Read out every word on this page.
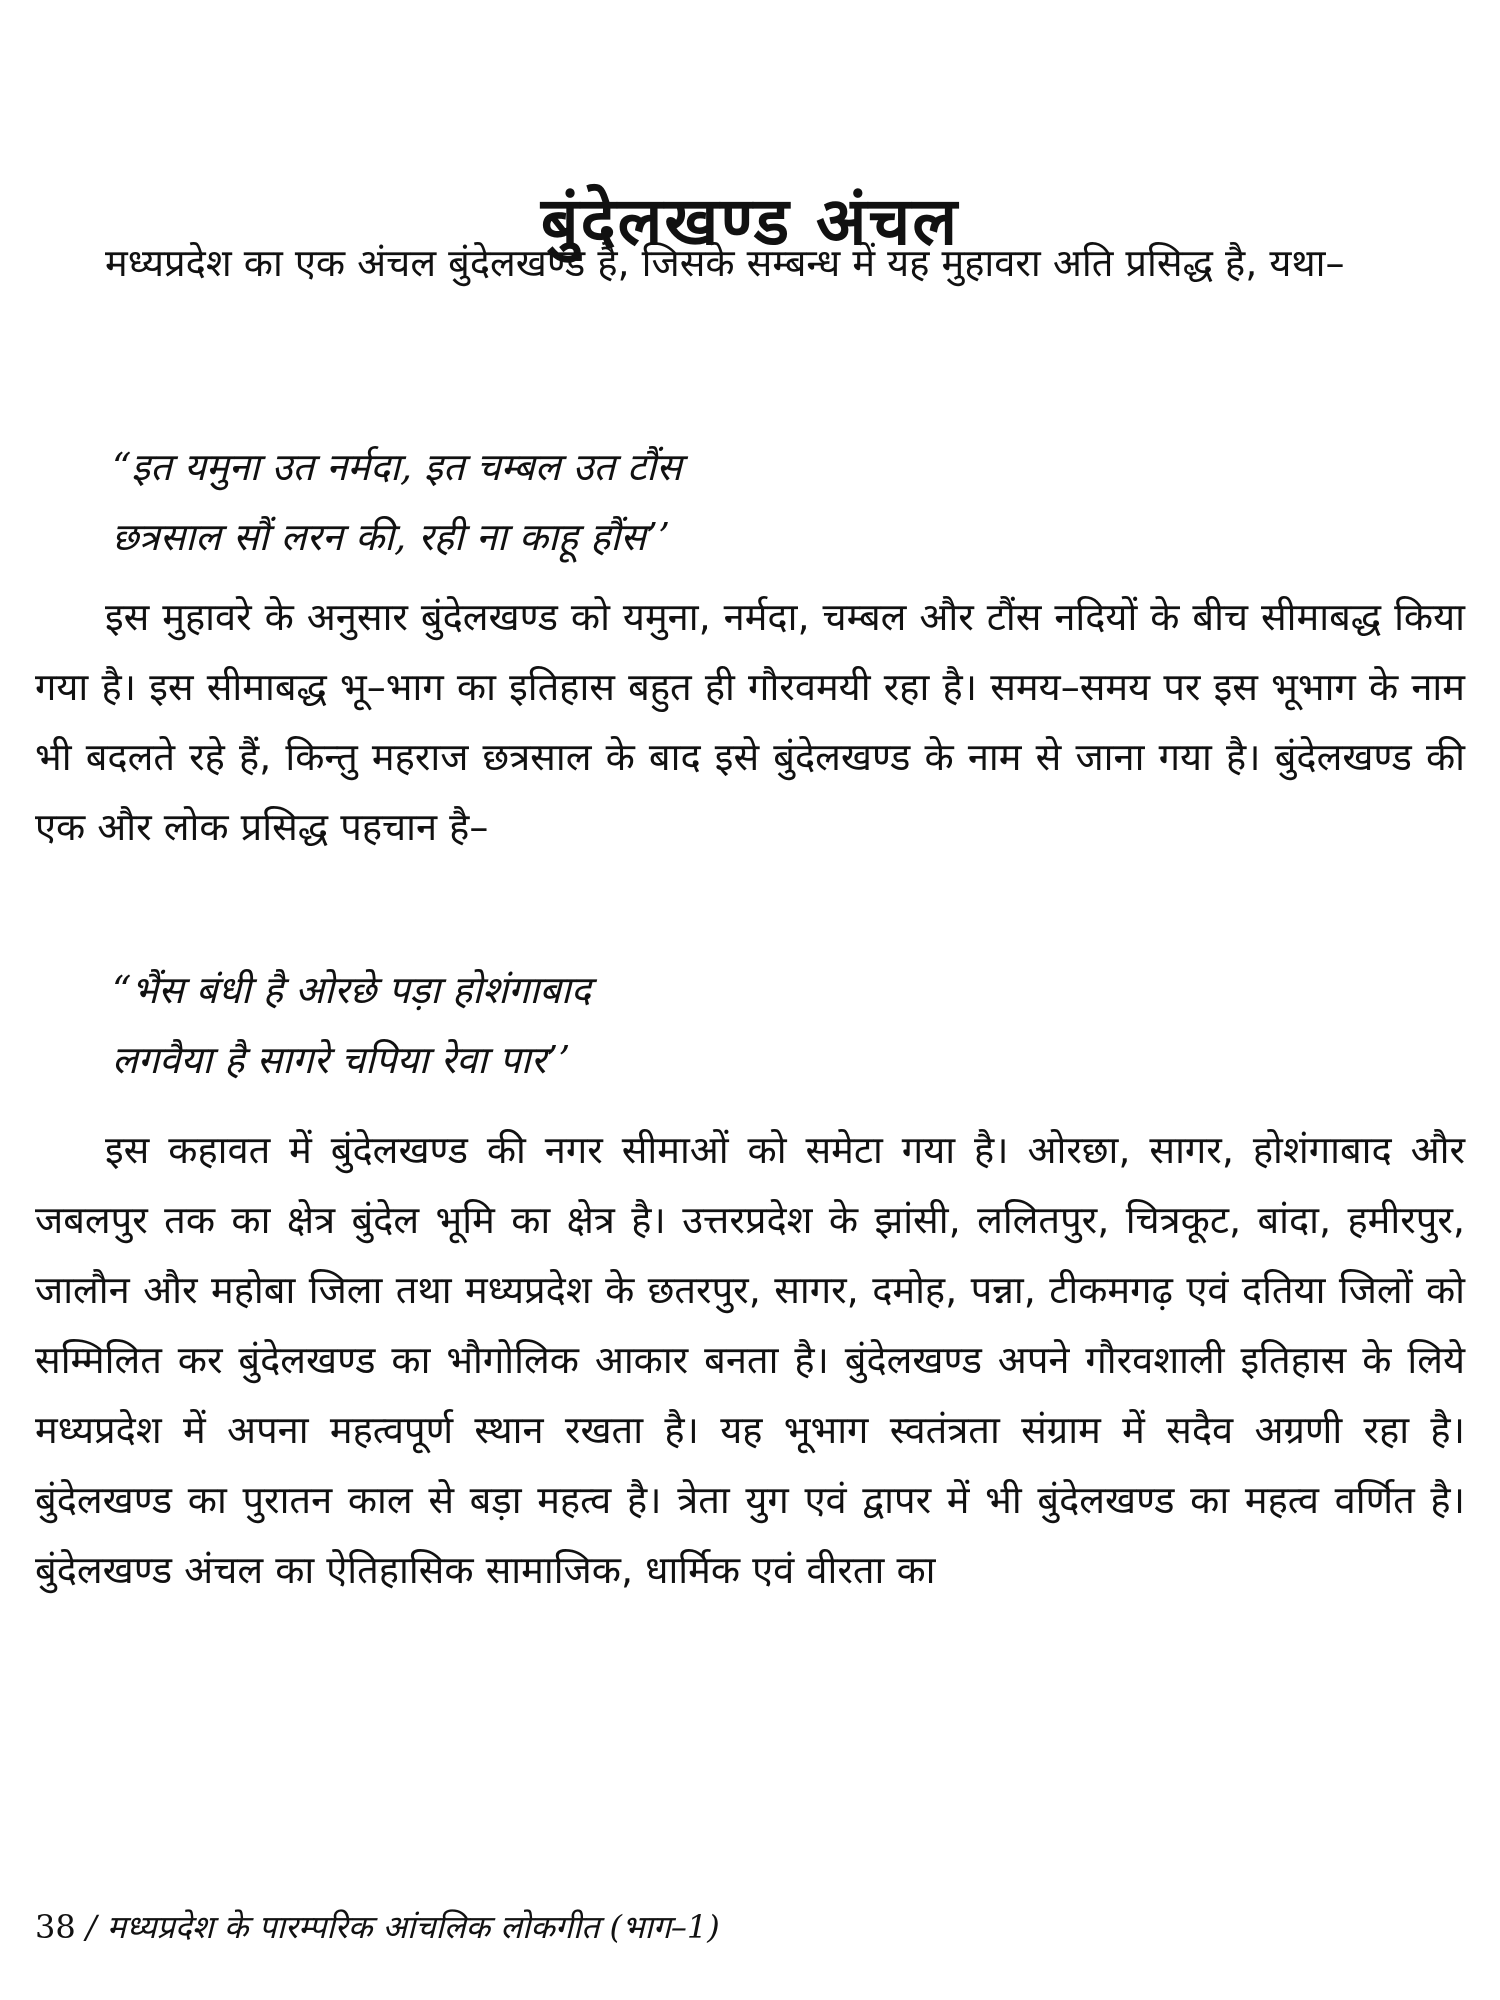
बुंदेलखण्ड अंचल

मध्यप्रदेश का एक अंचल बुंदेलखण्ड है, जिसके सम्बन्ध में यह मुहावरा अति प्रसिद्ध है, यथा–

“इत यमुना उत नर्मदा, इत चम्बल उत टौंस
छत्रसाल सौं लरन की, रही ना काहू हौंस’’

इस मुहावरे के अनुसार बुंदेलखण्ड को यमुना, नर्मदा, चम्बल और टौंस नदियों के बीच सीमाबद्ध किया गया है। इस सीमाबद्ध भू–भाग का इतिहास बहुत ही गौरवमयी रहा है। समय–समय पर इस भूभाग के नाम भी बदलते रहे हैं, किन्तु महराज छत्रसाल के बाद इसे बुंदेलखण्ड के नाम से जाना गया है। बुंदेलखण्ड की एक और लोक प्रसिद्ध पहचान है–

“भैंस बंधी है ओरछे पड़ा होशंगाबाद
लगवैया है सागरे चपिया रेवा पार’’

इस कहावत में बुंदेलखण्ड की नगर सीमाओं को समेटा गया है। ओरछा, सागर, होशंगाबाद और जबलपुर तक का क्षेत्र बुंदेल भूमि का क्षेत्र है। उत्तरप्रदेश के झांसी, ललितपुर, चित्रकूट, बांदा, हमीरपुर, जालौन और महोबा जिला तथा मध्यप्रदेश के छतरपुर, सागर, दमोह, पन्ना, टीकमगढ़ एवं दतिया जिलों को सम्मिलित कर बुंदेलखण्ड का भौगोलिक आकार बनता है। बुंदेलखण्ड अपने गौरवशाली इतिहास के लिये मध्यप्रदेश में अपना महत्वपूर्ण स्थान रखता है। यह भूभाग स्वतंत्रता संग्राम में सदैव अग्रणी रहा है। बुंदेलखण्ड का पुरातन काल से बड़ा महत्व है। त्रेता युग एवं द्वापर में भी बुंदेलखण्ड का महत्व वर्णित है। बुंदेलखण्ड अंचल का ऐतिहासिक सामाजिक, धार्मिक एवं वीरता का

38 / मध्यप्रदेश के पारम्परिक आंचलिक लोकगीत (भाग–1)
